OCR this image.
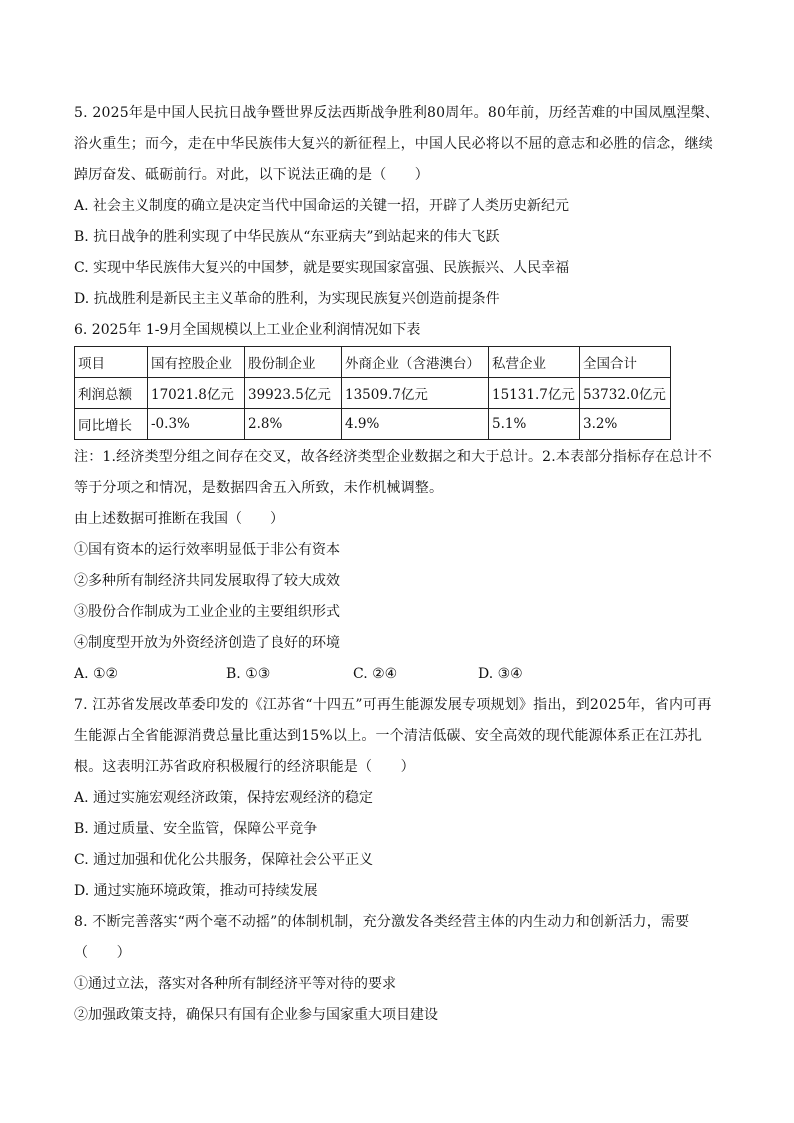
5. 2025年是中国人民抗日战争暨世界反法西斯战争胜利80周年。80年前，历经苦难的中国凤凰涅槃、浴火重生；而今，走在中华民族伟大复兴的新征程上，中国人民必将以不屈的意志和必胜的信念，继续踔厉奋发、砥砺前行。对此，以下说法正确的是（　　）

A. 社会主义制度的确立是决定当代中国命运的关键一招，开辟了人类历史新纪元

B. 抗日战争的胜利实现了中华民族从“东亚病夫”到站起来的伟大飞跃

C. 实现中华民族伟大复兴的中国梦，就是要实现国家富强、民族振兴、人民幸福

D. 抗战胜利是新民主主义革命的胜利，为实现民族复兴创造前提条件

6. 2025年 1-9月全国规模以上工业企业利润情况如下表

项目	国有控股企业	股份制企业	外商企业（含港澳台）	私营企业	全国合计
利润总额	17021.8亿元	39923.5亿元	13509.7亿元	15131.7亿元	53732.0亿元
同比增长	-0.3%	2.8%	4.9%	5.1%	3.2%

注：1.经济类型分组之间存在交叉，故各经济类型企业数据之和大于总计。2.本表部分指标存在总计不等于分项之和情况，是数据四舍五入所致，未作机械调整。

由上述数据可推断在我国（　　）

①国有资本的运行效率明显低于非公有资本

②多种所有制经济共同发展取得了较大成效

③股份合作制成为工业企业的主要组织形式

④制度型开放为外资经济创造了良好的环境

A. ①②	B. ①③	C. ②④	D. ③④

7. 江苏省发展改革委印发的《江苏省“十四五”可再生能源发展专项规划》指出，到2025年，省内可再生能源占全省能源消费总量比重达到15%以上。一个清洁低碳、安全高效的现代能源体系正在江苏扎根。这表明江苏省政府积极履行的经济职能是（　　）

A. 通过实施宏观经济政策，保持宏观经济的稳定

B. 通过质量、安全监管，保障公平竞争

C. 通过加强和优化公共服务，保障社会公平正义

D. 通过实施环境政策，推动可持续发展

8. 不断完善落实“两个毫不动摇”的体制机制，充分激发各类经营主体的内生动力和创新活力，需要（　　）

①通过立法，落实对各种所有制经济平等对待的要求

②加强政策支持，确保只有国有企业参与国家重大项目建设
